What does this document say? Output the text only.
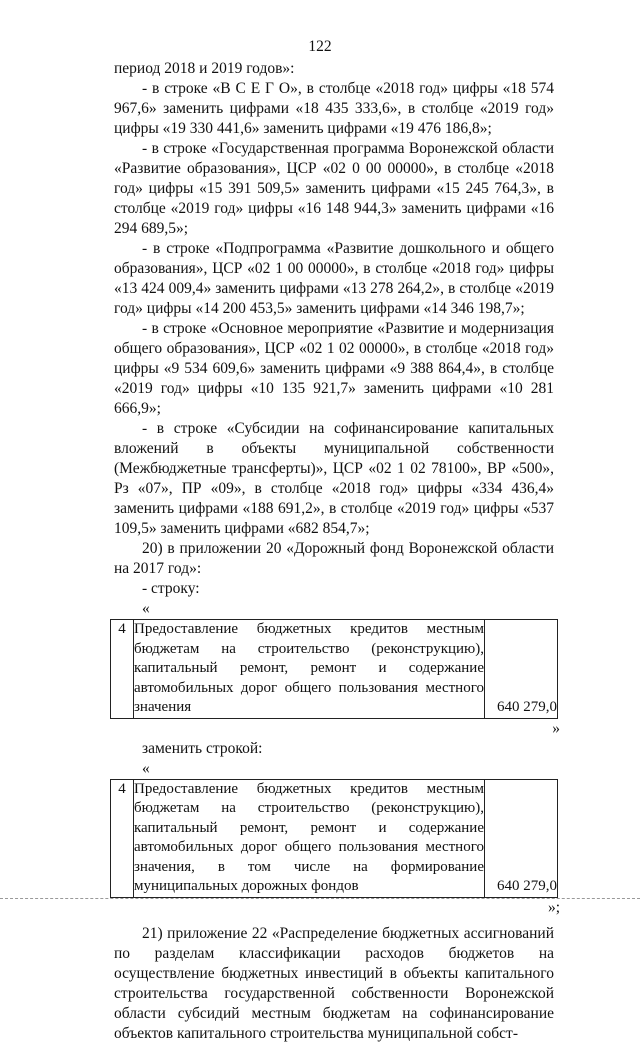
122
период 2018 и 2019 годов»:
- в строке «В С Е Г О», в столбце «2018 год» цифры «18 574 967,6» заменить цифрами «18 435 333,6», в столбце «2019 год» цифры «19 330 441,6» заменить цифрами «19 476 186,8»;
- в строке «Государственная программа Воронежской области «Развитие образования», ЦСР «02 0 00 00000», в столбце «2018 год» цифры «15 391 509,5» заменить цифрами «15 245 764,3», в столбце «2019 год» цифры «16 148 944,3» заменить цифрами «16 294 689,5»;
- в строке «Подпрограмма «Развитие дошкольного и общего образования», ЦСР «02 1 00 00000», в столбце «2018 год» цифры «13 424 009,4» заменить цифрами «13 278 264,2», в столбце «2019 год» цифры «14 200 453,5» заменить цифрами «14 346 198,7»;
- в строке «Основное мероприятие «Развитие и модернизация общего образования», ЦСР «02 1 02 00000», в столбце «2018 год» цифры «9 534 609,6» заменить цифрами «9 388 864,4», в столбце «2019 год» цифры «10 135 921,7» заменить цифрами «10 281 666,9»;
- в строке «Субсидии на софинансирование капитальных вложений в объекты муниципальной собственности (Межбюджетные трансферты)», ЦСР «02 1 02 78100», ВР «500», Рз «07», ПР «09», в столбце «2018 год» цифры «334 436,4» заменить цифрами «188 691,2», в столбце «2019 год» цифры «537 109,5» заменить цифрами «682 854,7»;
20) в приложении 20 «Дорожный фонд Воронежской области на 2017 год»:
- строку:
«
4	Предоставление бюджетных кредитов местным бюджетам на строительство (реконструкцию), капитальный ремонт, ремонт и содержание автомобильных дорог общего пользования местного значения	640 279,0
»
заменить строкой:
«
4	Предоставление бюджетных кредитов местным бюджетам на строительство (реконструкцию), капитальный ремонт, ремонт и содержание автомобильных дорог общего пользования местного значения, в том числе на формирование муниципальных дорожных фондов	640 279,0
»;
21) приложение 22 «Распределение бюджетных ассигнований по разделам классификации расходов бюджетов на осуществление бюджетных инвестиций в объекты капитального строительства государственной собственности Воронежской области субсидий местным бюджетам на софинансирование объектов капитального строительства муниципальной собст-
